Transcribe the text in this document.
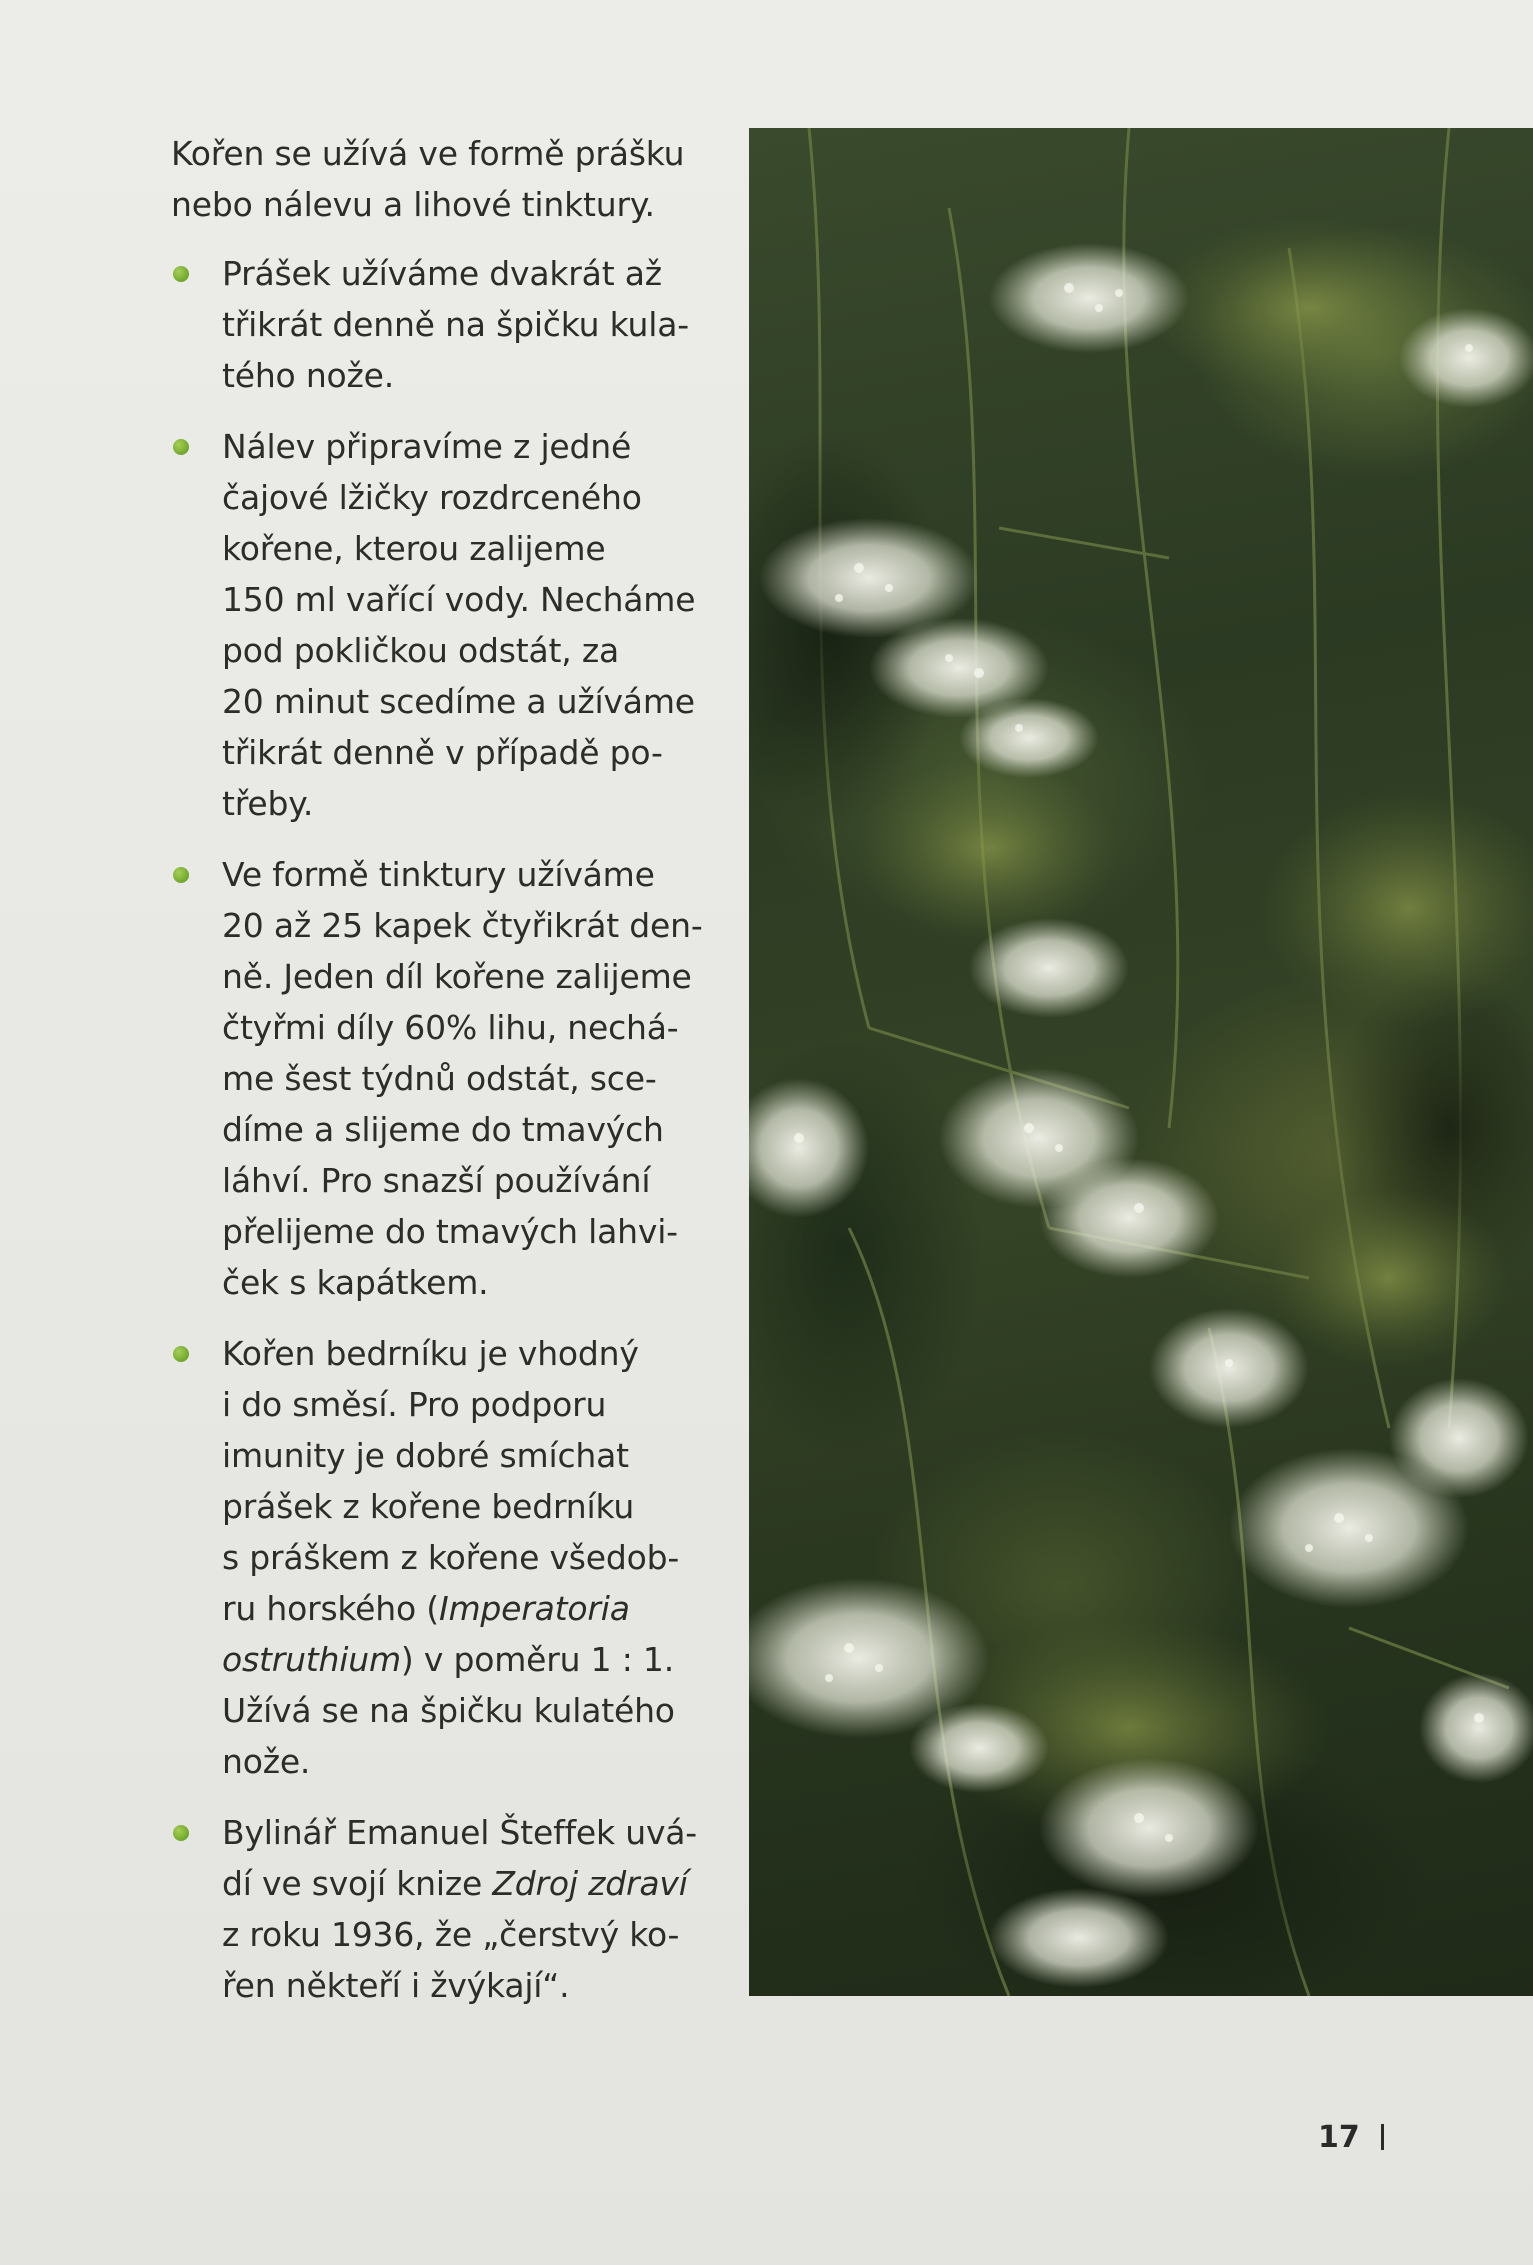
Kořen se užívá ve formě prášku
nebo nálevu a lihové tinktury.

Prášek užíváme dvakrát až
třikrát denně na špičku kula-
tého nože.
Nálev připravíme z jedné
čajové lžičky rozdrceného
kořene, kterou zalijeme
150 ml vařící vody. Necháme
pod pokličkou odstát, za
20 minut scedíme a užíváme
třikrát denně v případě po-
třeby.
Ve formě tinktury užíváme
20 až 25 kapek čtyřikrát den-
ně. Jeden díl kořene zalijeme
čtyřmi díly 60% lihu, nechá-
me šest týdnů odstát, sce-
díme a slijeme do tmavých
láhví. Pro snazší používání
přelijeme do tmavých lahvi-
ček s kapátkem.
Kořen bedrníku je vhodný
i do směsí. Pro podporu
imunity je dobré smíchat
prášek z kořene bedrníku
s práškem z kořene všedob-
ru horského (Imperatoria
ostruthium) v poměru 1 : 1.
Užívá se na špičku kulatého
nože.
Bylinář Emanuel Šteffek uvá-
dí ve svojí knize Zdroj zdraví
z roku 1936, že „čerstvý ko-
řen někteří i žvýkají“.
17
